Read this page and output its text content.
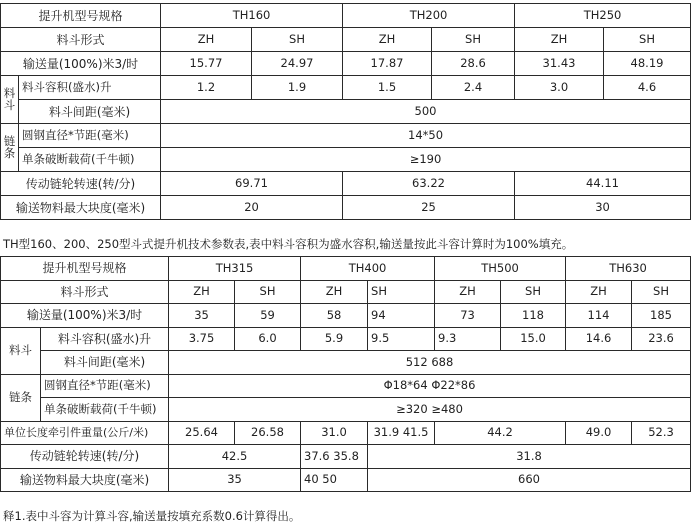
提升机型号规格		TH160		TH200		TH250	
料斗形式		ZH	SH	ZH	SH	ZH	SH
输送量(100%)米3/时		15.77	24.97	17.87	28.6	31.43	48.19
料斗	料斗容积(盛水)升	1.2	1.9	1.5	2.4	3.0	4.6
	料斗间距(毫米)	500					
链条	圆钢直径*节距(毫米)	14*50					
	单条破断载荷(千牛顿)	≥190					
传动链轮转速(转/分)		69.71		63.22		44.11	
输送物料最大块度(毫米)		20		25		30	
TH型160、200、250型斗式提升机技术参数表,表中料斗容积为盛水容积,输送量按此斗容计算时为100%填充。
提升机型号规格		TH315		TH400		TH500		TH630	
料斗形式		ZH	SH	ZH	SH	ZH	SH	ZH	SH
输送量(100%)米3/时		35	59	58	94	73	118	114	185
料斗	料斗容积(盛水)升	3.75	6.0	5.9	9.5	9.3	15.0	14.6	23.6
	料斗间距(毫米)	512 688							
链条	圆钢直径*节距(毫米)	Φ18*64 Φ22*86							
	单条破断载荷(千牛顿)	≥320 ≥480							
单位长度牵引件重量(公斤/米)		25.64	26.58	31.0	31.9 41.5	44.2		49.0	52.3
传动链轮转速(转/分)		42.5		37.6 35.8	31.8				
输送物料最大块度(毫米)		35		40 50	660				
释1.表中斗容为计算斗容,输送量按填充系数0.6计算得出。
